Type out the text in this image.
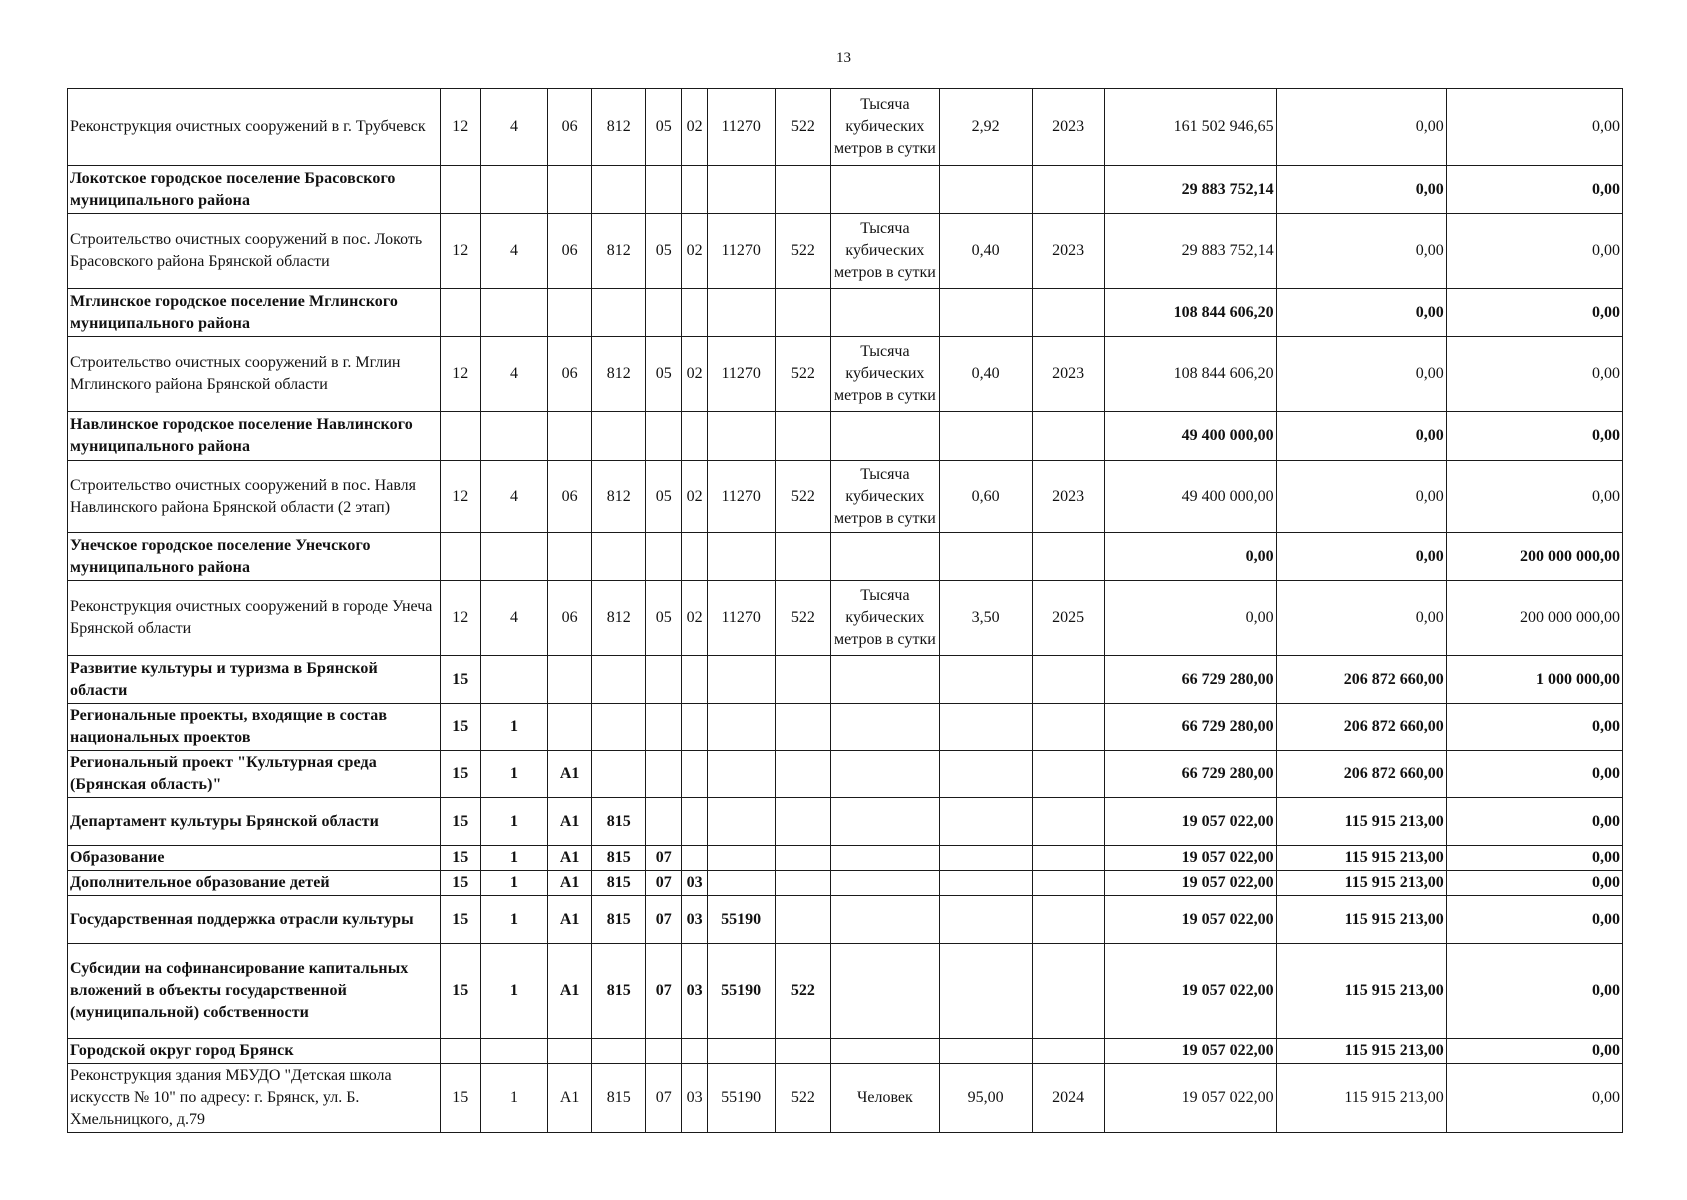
13
Реконструкция очистных сооружений в г. Трубчевск	12	4	06	812	05	02	11270	522	Тысяча кубических метров в сутки	2,92	2023	161 502 946,65	0,00	0,00
Локотское городское поселение Брасовского муниципального района												29 883 752,14	0,00	0,00
Строительство очистных сооружений в пос. Локоть Брасовского района Брянской области	12	4	06	812	05	02	11270	522	Тысяча кубических метров в сутки	0,40	2023	29 883 752,14	0,00	0,00
Мглинское городское поселение Мглинского муниципального района												108 844 606,20	0,00	0,00
Строительство очистных сооружений в г. Мглин Мглинского района Брянской области	12	4	06	812	05	02	11270	522	Тысяча кубических метров в сутки	0,40	2023	108 844 606,20	0,00	0,00
Навлинское городское поселение Навлинского муниципального района												49 400 000,00	0,00	0,00
Строительство очистных сооружений в пос. Навля Навлинского района Брянской области (2 этап)	12	4	06	812	05	02	11270	522	Тысяча кубических метров в сутки	0,60	2023	49 400 000,00	0,00	0,00
Унечское городское поселение Унечского муниципального района												0,00	0,00	200 000 000,00
Реконструкция очистных сооружений в городе Унеча Брянской области	12	4	06	812	05	02	11270	522	Тысяча кубических метров в сутки	3,50	2025	0,00	0,00	200 000 000,00
Развитие культуры и туризма в Брянской области	15											66 729 280,00	206 872 660,00	1 000 000,00
Региональные проекты, входящие в состав национальных проектов	15	1										66 729 280,00	206 872 660,00	0,00
Региональный проект "Культурная среда (Брянская область)"	15	1	А1									66 729 280,00	206 872 660,00	0,00
Департамент культуры Брянской области	15	1	А1	815								19 057 022,00	115 915 213,00	0,00
Образование	15	1	А1	815	07							19 057 022,00	115 915 213,00	0,00
Дополнительное образование детей	15	1	А1	815	07	03						19 057 022,00	115 915 213,00	0,00
Государственная поддержка отрасли культуры	15	1	А1	815	07	03	55190					19 057 022,00	115 915 213,00	0,00
Субсидии на софинансирование капитальных вложений в объекты государственной (муниципальной) собственности	15	1	А1	815	07	03	55190	522				19 057 022,00	115 915 213,00	0,00
Городской округ город Брянск												19 057 022,00	115 915 213,00	0,00
Реконструкция здания МБУДО "Детская школа искусств № 10" по адресу: г. Брянск, ул. Б. Хмельницкого, д.79	15	1	А1	815	07	03	55190	522	Человек	95,00	2024	19 057 022,00	115 915 213,00	0,00
